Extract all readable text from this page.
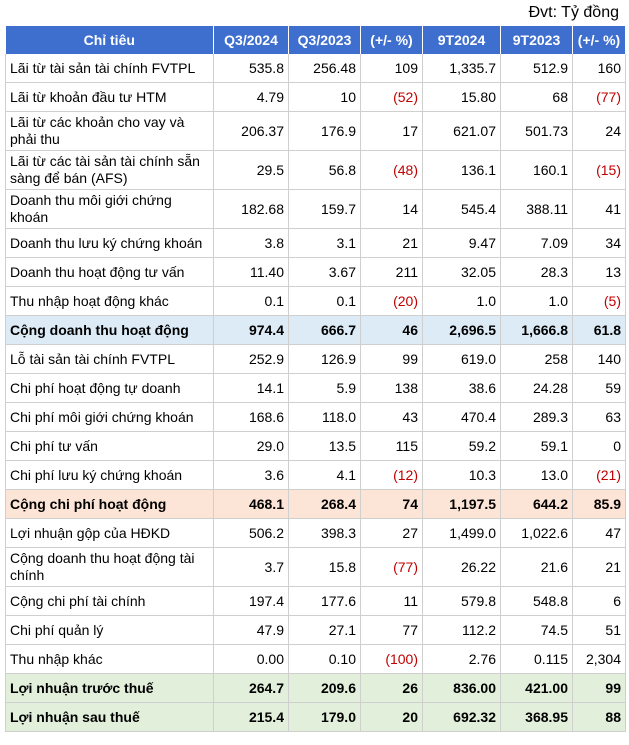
Đvt: Tỷ đồng
Chỉ tiêu	Q3/2024	Q3/2023	(+/- %)	9T2024	9T2023	(+/- %)
Lãi từ tài sản tài chính FVTPL	535.8	256.48	109	1,335.7	512.9	160
Lãi từ khoản đầu tư HTM	4.79	10	(52)	15.80	68	(77)
Lãi từ các khoản cho vay và phải thu	206.37	176.9	17	621.07	501.73	24
Lãi từ các tài sản tài chính sẵn sàng để bán (AFS)	29.5	56.8	(48)	136.1	160.1	(15)
Doanh thu môi giới chứng khoán	182.68	159.7	14	545.4	388.11	41
Doanh thu lưu ký chứng khoán	3.8	3.1	21	9.47	7.09	34
Doanh thu hoạt động tư vấn	11.40	3.67	211	32.05	28.3	13
Thu nhập hoạt động khác	0.1	0.1	(20)	1.0	1.0	(5)
Cộng doanh thu hoạt động	974.4	666.7	46	2,696.5	1,666.8	61.8
Lỗ tài sản tài chính FVTPL	252.9	126.9	99	619.0	258	140
Chi phí hoạt động tự doanh	14.1	5.9	138	38.6	24.28	59
Chi phí môi giới chứng khoán	168.6	118.0	43	470.4	289.3	63
Chi phí tư vấn	29.0	13.5	115	59.2	59.1	0
Chi phí lưu ký chứng khoán	3.6	4.1	(12)	10.3	13.0	(21)
Cộng chi phí hoạt động	468.1	268.4	74	1,197.5	644.2	85.9
Lợi nhuận gộp của HĐKD	506.2	398.3	27	1,499.0	1,022.6	47
Cộng doanh thu hoạt động tài chính	3.7	15.8	(77)	26.22	21.6	21
Cộng chi phí tài chính	197.4	177.6	11	579.8	548.8	6
Chi phí quản lý	47.9	27.1	77	112.2	74.5	51
Thu nhập khác	0.00	0.10	(100)	2.76	0.115	2,304
Lợi nhuận trước thuế	264.7	209.6	26	836.00	421.00	99
Lợi nhuận sau thuế	215.4	179.0	20	692.32	368.95	88
